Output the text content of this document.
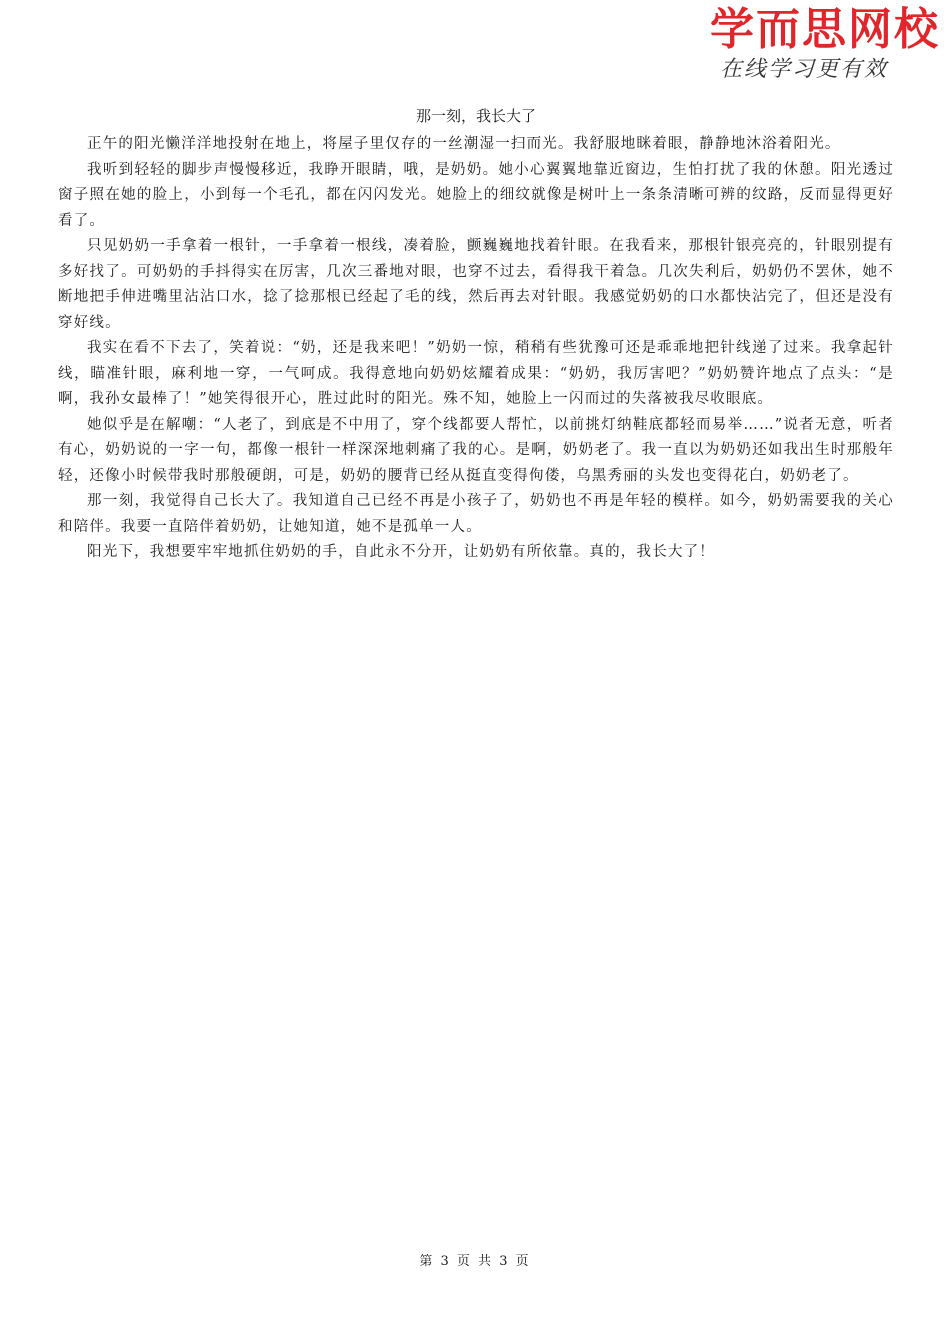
学而思网校
在线学习更有效
那一刻，我长大了

正午的阳光懒洋洋地投射在地上，将屋子里仅存的一丝潮湿一扫而光。我舒服地眯着眼，静静地沐浴着阳光。

我听到轻轻的脚步声慢慢移近，我睁开眼睛，哦，是奶奶。她小心翼翼地靠近窗边，生怕打扰了我的休憩。阳光透过窗子照在她的脸上，小到每一个毛孔，都在闪闪发光。她脸上的细纹就像是树叶上一条条清晰可辨的纹路，反而显得更好看了。

只见奶奶一手拿着一根针，一手拿着一根线，凑着脸，颤巍巍地找着针眼。在我看来，那根针银亮亮的，针眼别提有多好找了。可奶奶的手抖得实在厉害，几次三番地对眼，也穿不过去，看得我干着急。几次失利后，奶奶仍不罢休，她不断地把手伸进嘴里沾沾口水，捻了捻那根已经起了毛的线，然后再去对针眼。我感觉奶奶的口水都快沾完了，但还是没有穿好线。

我实在看不下去了，笑着说：“奶，还是我来吧！”奶奶一惊，稍稍有些犹豫可还是乖乖地把针线递了过来。我拿起针线，瞄准针眼，麻利地一穿，一气呵成。我得意地向奶奶炫耀着成果：“奶奶，我厉害吧？”奶奶赞许地点了点头：“是啊，我孙女最棒了！”她笑得很开心，胜过此时的阳光。殊不知，她脸上一闪而过的失落被我尽收眼底。

她似乎是在解嘲：“人老了，到底是不中用了，穿个线都要人帮忙，以前挑灯纳鞋底都轻而易举……”说者无意，听者有心，奶奶说的一字一句，都像一根针一样深深地刺痛了我的心。是啊，奶奶老了。我一直以为奶奶还如我出生时那般年轻，还像小时候带我时那般硬朗，可是，奶奶的腰背已经从挺直变得佝偻，乌黑秀丽的头发也变得花白，奶奶老了。

那一刻，我觉得自己长大了。我知道自己已经不再是小孩子了，奶奶也不再是年轻的模样。如今，奶奶需要我的关心和陪伴。我要一直陪伴着奶奶，让她知道，她不是孤单一人。

阳光下，我想要牢牢地抓住奶奶的手，自此永不分开，让奶奶有所依靠。真的，我长大了！

第 3 页 共 3 页
